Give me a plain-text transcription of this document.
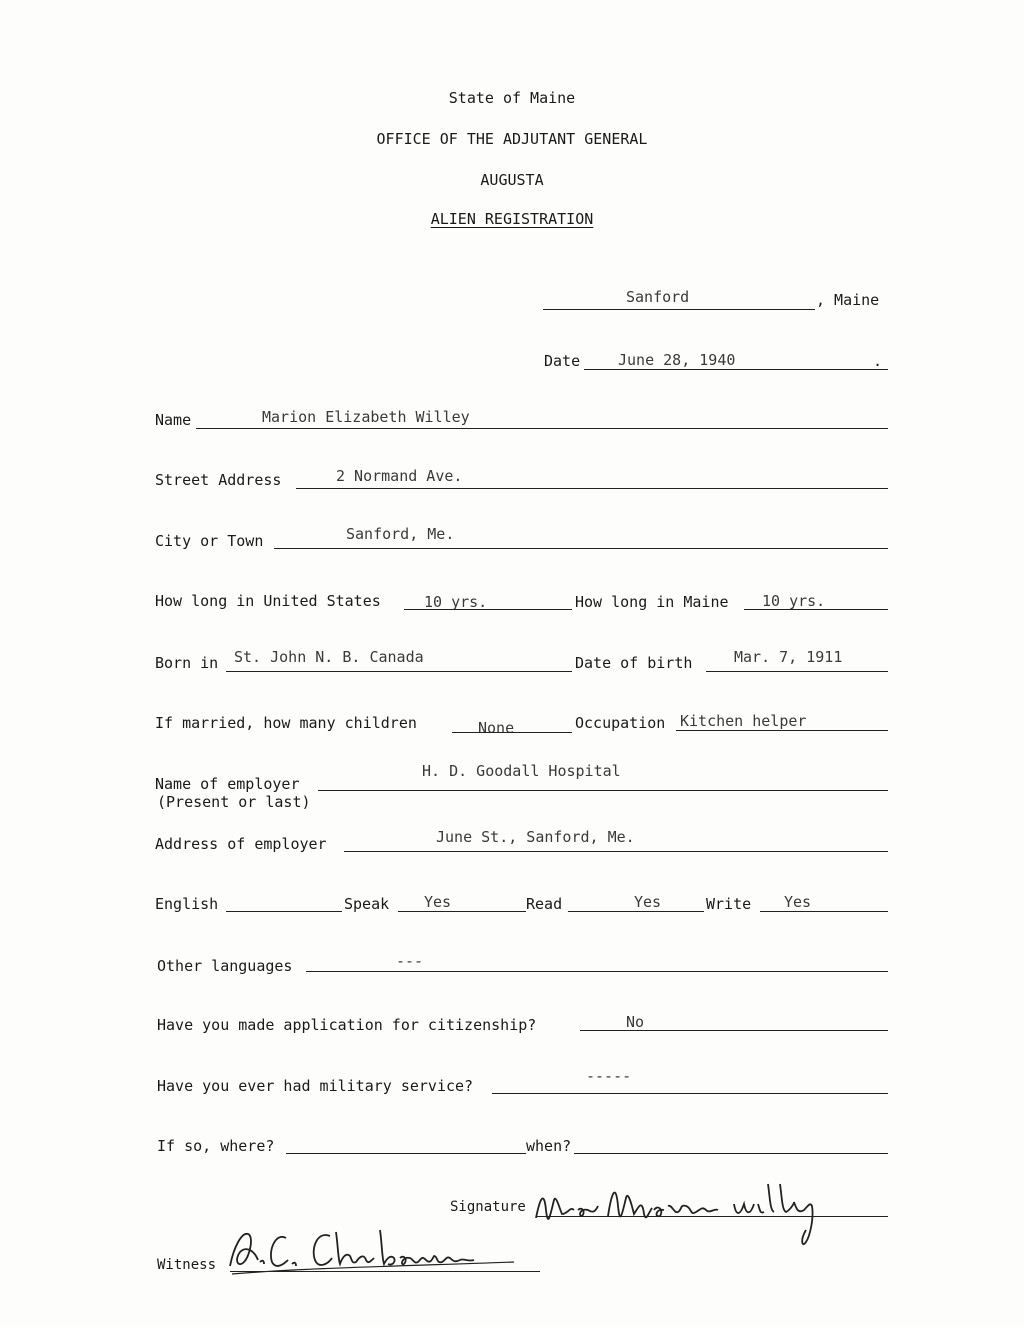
State of Maine
OFFICE OF THE ADJUTANT GENERAL
AUGUSTA
ALIEN REGISTRATION
Sanford	, Maine
Date	June 28, 1940	.
Name	Marion Elizabeth Willey
Street Address	2 Normand Ave.
City or Town	Sanford, Me.
How long in United States	10 yrs.	How long in Maine 10 yrs.
Born in St. John N. B. Canada	Date of birth	Mar. 7, 1911
If married, how many children	None	Occupation Kitchen helper
Name of employer
(Present or last)
H. D. Goodall Hospital
Address of employer	June St., Sanford, Me.
English	Speak Yes	Read	Yes	Write Yes
Other languages	---
Have you made application for citizenship?	No
Have you ever had military service?
-----
If so, where?	when?
Signature
Witness
